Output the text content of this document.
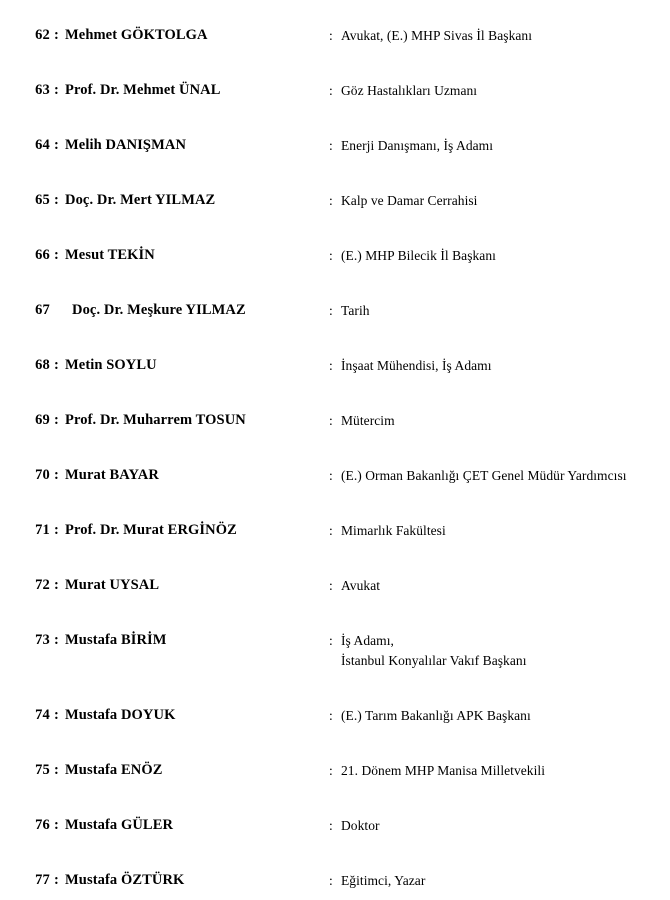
62 : Mehmet GÖKTOLGA	: Avukat, (E.) MHP Sivas İl Başkanı
63 : Prof. Dr. Mehmet ÜNAL	: Göz Hastalıkları Uzmanı
64 : Melih DANIŞMAN	: Enerji Danışmanı, İş Adamı
65 : Doç. Dr. Mert YILMAZ	: Kalp ve Damar Cerrahisi
66 : Mesut TEKİN	: (E.) MHP Bilecik İl Başkanı
67 Doç. Dr. Meşkure YILMAZ	: Tarih
68 : Metin SOYLU	: İnşaat Mühendisi, İş Adamı
69 : Prof. Dr. Muharrem TOSUN	: Mütercim
70 : Murat BAYAR	: (E.) Orman Bakanlığı ÇET Genel Müdür Yardımcısı
71 : Prof. Dr. Murat ERGİNÖZ	: Mimarlık Fakültesi
72 : Murat UYSAL	: Avukat
73 : Mustafa BİRİM	: İş Adamı,
İstanbul Konyalılar Vakıf Başkanı
74 : Mustafa DOYUK	: (E.) Tarım Bakanlığı APK Başkanı
75 : Mustafa ENÖZ	: 21. Dönem MHP Manisa Milletvekili
76 : Mustafa GÜLER	: Doktor
77 : Mustafa ÖZTÜRK	: Eğitimci, Yazar
